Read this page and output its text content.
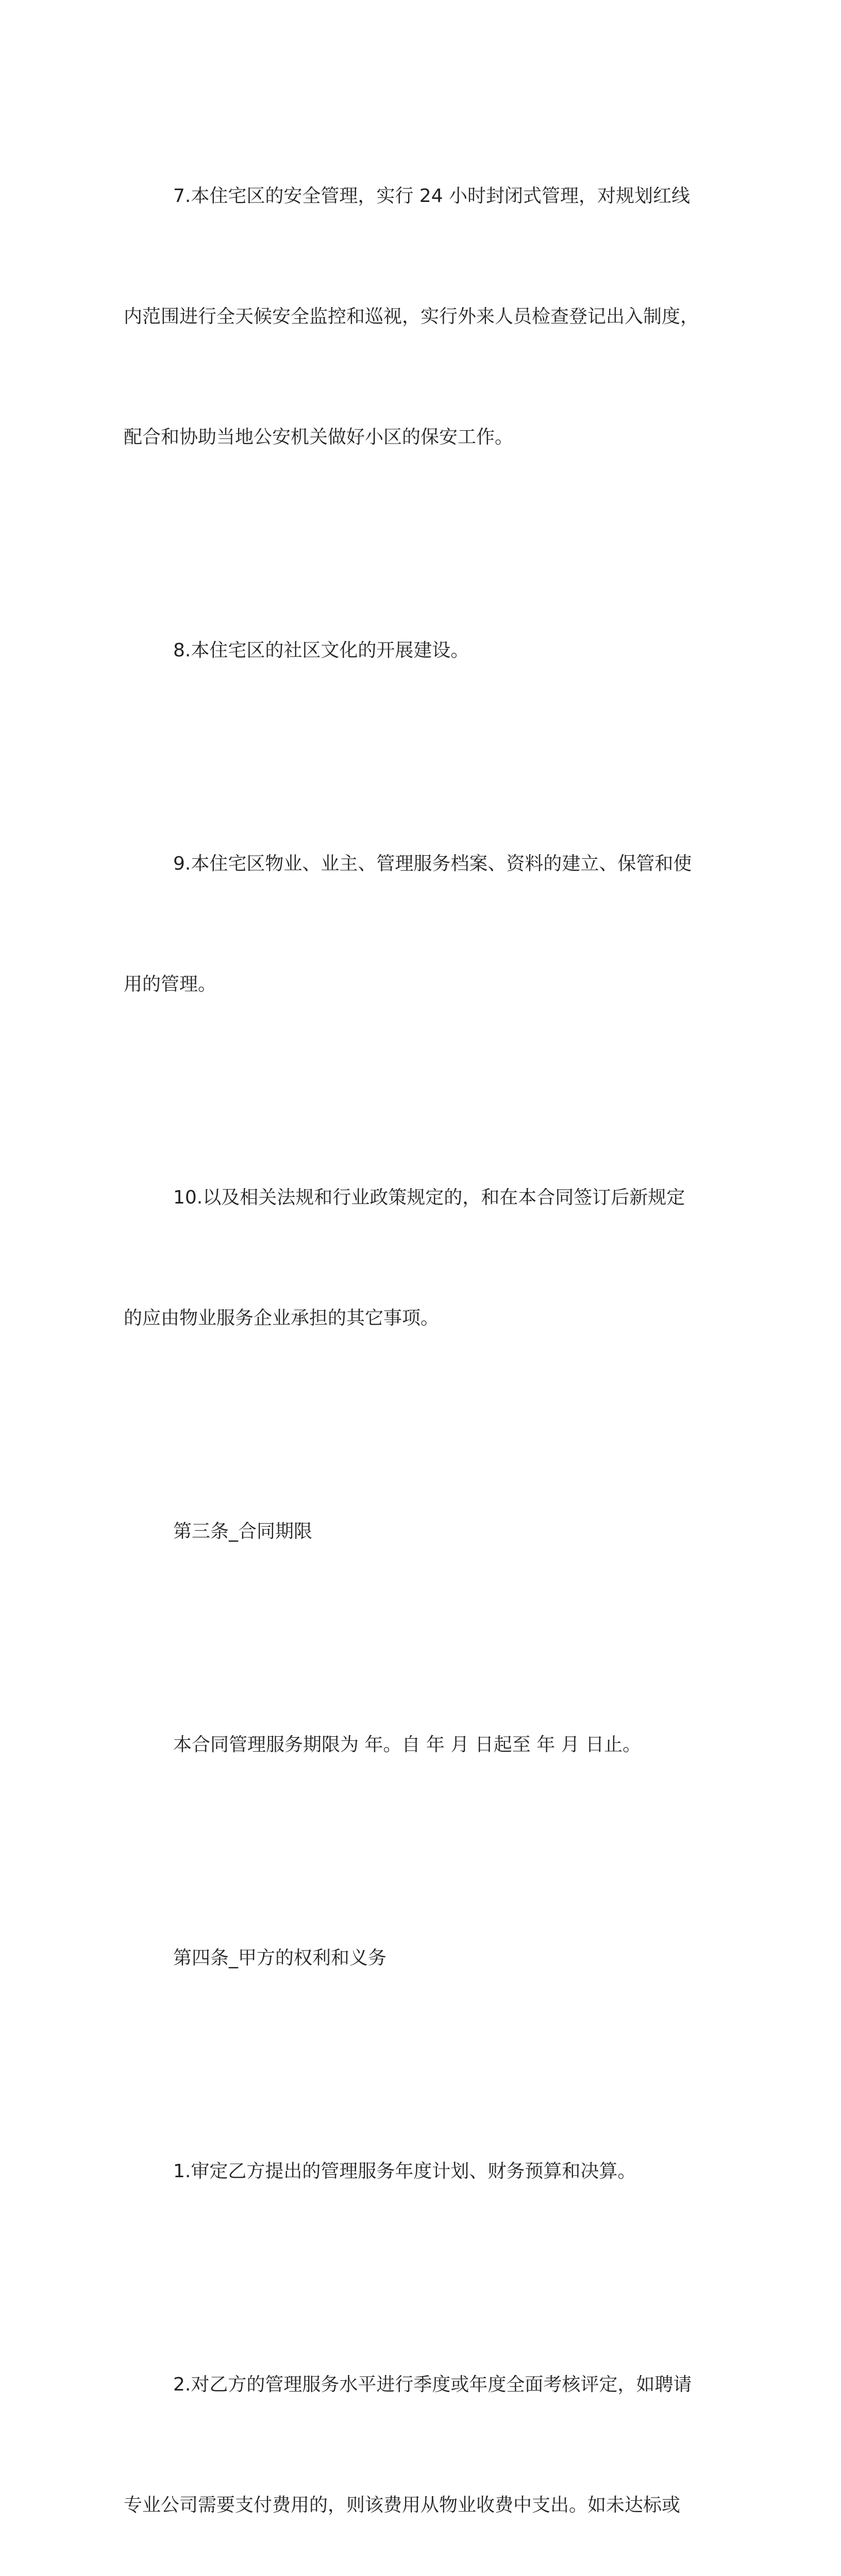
7.本住宅区的安全管理，实行 24 小时封闭式管理，对规划红线

内范围进行全天候安全监控和巡视，实行外来人员检查登记出入制度，

配合和协助当地公安机关做好小区的保安工作。

8.本住宅区的社区文化的开展建设。

9.本住宅区物业、业主、管理服务档案、资料的建立、保管和使

用的管理。

10.以及相关法规和行业政策规定的，和在本合同签订后新规定

的应由物业服务企业承担的其它事项。

第三条_合同期限

本合同管理服务期限为 年。自 年 月 日起至 年 月 日止。

第四条_甲方的权利和义务

1.审定乙方提出的管理服务年度计划、财务预算和决算。

2.对乙方的管理服务水平进行季度或年度全面考核评定，如聘请

专业公司需要支付费用的，则该费用从物业收费中支出。如未达标或
